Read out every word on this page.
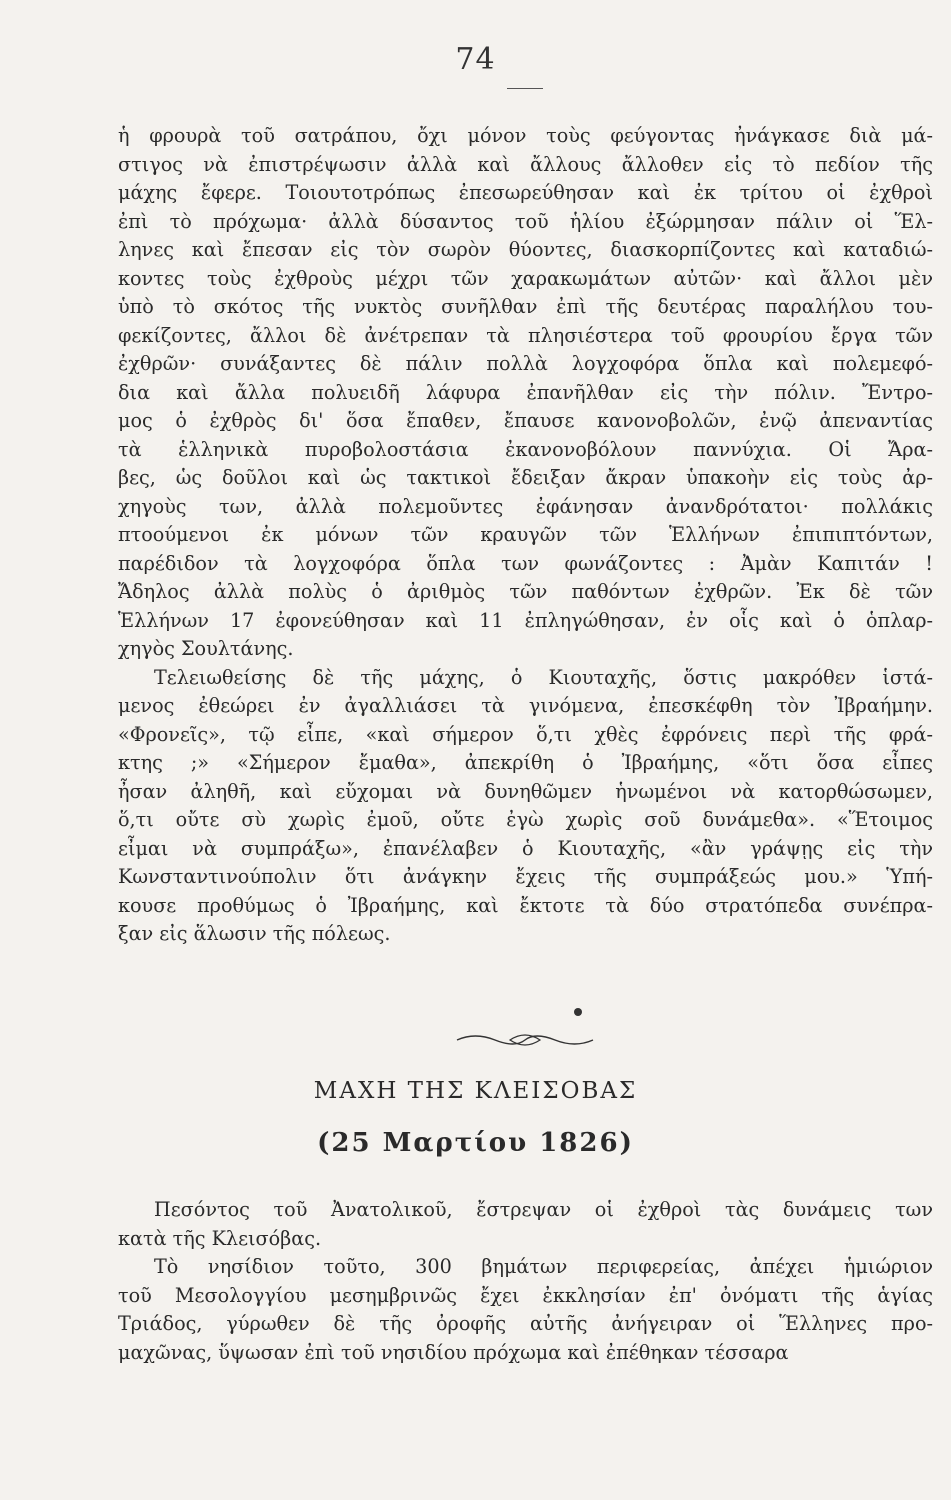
74
ἡ φρουρὰ τοῦ σατράπου, ὄχι μόνον τοὺς φεύγοντας ἠνάγκασε διὰ μά-
στιγος νὰ ἐπιστρέψωσιν ἀλλὰ καὶ ἄλλους ἄλλοθεν εἰς τὸ πεδίον τῆς
μάχης ἔφερε. Τοιουτοτρόπως ἐπεσωρεύθησαν καὶ ἐκ τρίτου οἱ ἐχθροὶ
ἐπὶ τὸ πρόχωμα· ἀλλὰ δύσαντος τοῦ ἡλίου ἐξώρμησαν πάλιν οἱ Ἕλ-
ληνες καὶ ἔπεσαν εἰς τὸν σωρὸν θύοντες, διασκορπίζοντες καὶ καταδιώ-
κοντες τοὺς ἐχθροὺς μέχρι τῶν χαρακωμάτων αὐτῶν· καὶ ἄλλοι μὲν
ὑπὸ τὸ σκότος τῆς νυκτὸς συνῆλθαν ἐπὶ τῆς δευτέρας παραλήλου του-
φεκίζοντες, ἄλλοι δὲ ἀνέτρεπαν τὰ πλησιέστερα τοῦ φρουρίου ἔργα τῶν
ἐχθρῶν· συνάξαντες δὲ πάλιν πολλὰ λογχοφόρα ὅπλα καὶ πολεμεφό-
δια καὶ ἄλλα πολυειδῆ λάφυρα ἐπανῆλθαν εἰς τὴν πόλιν. Ἔντρο-
μος ὁ ἐχθρὸς δι' ὅσα ἔπαθεν, ἔπαυσε κανονοβολῶν, ἐνῷ ἀπεναντίας
τὰ ἑλληνικὰ πυροβολοστάσια ἐκανονοβόλουν παννύχια. Οἱ Ἄρα-
βες, ὡς δοῦλοι καὶ ὡς τακτικοὶ ἔδειξαν ἄκραν ὑπακοὴν εἰς τοὺς ἀρ-
χηγοὺς των, ἀλλὰ πολεμοῦντες ἐφάνησαν ἀνανδρότατοι· πολλάκις
πτοούμενοι ἐκ μόνων τῶν κραυγῶν τῶν Ἑλλήνων ἐπιπιπτόντων,
παρέδιδον τὰ λογχοφόρα ὅπλα των φωνάζοντες : Ἀμὰν Καπιτάν !
Ἄδηλος ἀλλὰ πολὺς ὁ ἀριθμὸς τῶν παθόντων ἐχθρῶν. Ἐκ δὲ τῶν
Ἑλλήνων 17 ἐφονεύθησαν καὶ 11 ἐπληγώθησαν, ἐν οἷς καὶ ὁ ὁπλαρ-
χηγὸς Σουλτάνης.
Τελειωθείσης δὲ τῆς μάχης, ὁ Κιουταχῆς, ὅστις μακρόθεν ἱστά-
μενος ἐθεώρει ἐν ἀγαλλιάσει τὰ γινόμενα, ἐπεσκέφθη τὸν Ἰβραήμην.
«Φρονεῖς», τῷ εἶπε, «καὶ σήμερον ὅ,τι χθὲς ἐφρόνεις περὶ τῆς φρά-
κτης ;» «Σήμερον ἔμαθα», ἀπεκρίθη ὁ Ἰβραήμης, «ὅτι ὅσα εἶπες
ἦσαν ἀληθῆ, καὶ εὔχομαι νὰ δυνηθῶμεν ἡνωμένοι νὰ κατορθώσωμεν,
ὅ,τι οὔτε σὺ χωρὶς ἐμοῦ, οὔτε ἐγὼ χωρὶς σοῦ δυνάμεθα». «Ἕτοιμος
εἶμαι νὰ συμπράξω», ἐπανέλαβεν ὁ Κιουταχῆς, «ἂν γράψῃς εἰς τὴν
Κωνσταντινούπολιν ὅτι ἀνάγκην ἔχεις τῆς συμπράξεώς μου.» Ὑπή-
κουσε προθύμως ὁ Ἰβραήμης, καὶ ἔκτοτε τὰ δύο στρατόπεδα συνέπρα-
ξαν εἰς ἅλωσιν τῆς πόλεως.
ΜΑΧΗ ΤΗΣ ΚΛΕΙΣΟΒΑΣ
(25 Μαρτίου 1826)
Πεσόντος τοῦ Ἀνατολικοῦ, ἔστρεψαν οἱ ἐχθροὶ τὰς δυνάμεις των
κατὰ τῆς Κλεισόβας.
Τὸ νησίδιον τοῦτο, 300 βημάτων περιφερείας, ἀπέχει ἡμιώριον
τοῦ Μεσολογγίου μεσημβρινῶς ἔχει ἐκκλησίαν ἐπ' ὀνόματι τῆς ἁγίας
Τριάδος, γύρωθεν δὲ τῆς ὀροφῆς αὐτῆς ἀνήγειραν οἱ Ἕλληνες προ-
μαχῶνας, ὕψωσαν ἐπὶ τοῦ νησιδίου πρόχωμα καὶ ἐπέθηκαν τέσσαρα
